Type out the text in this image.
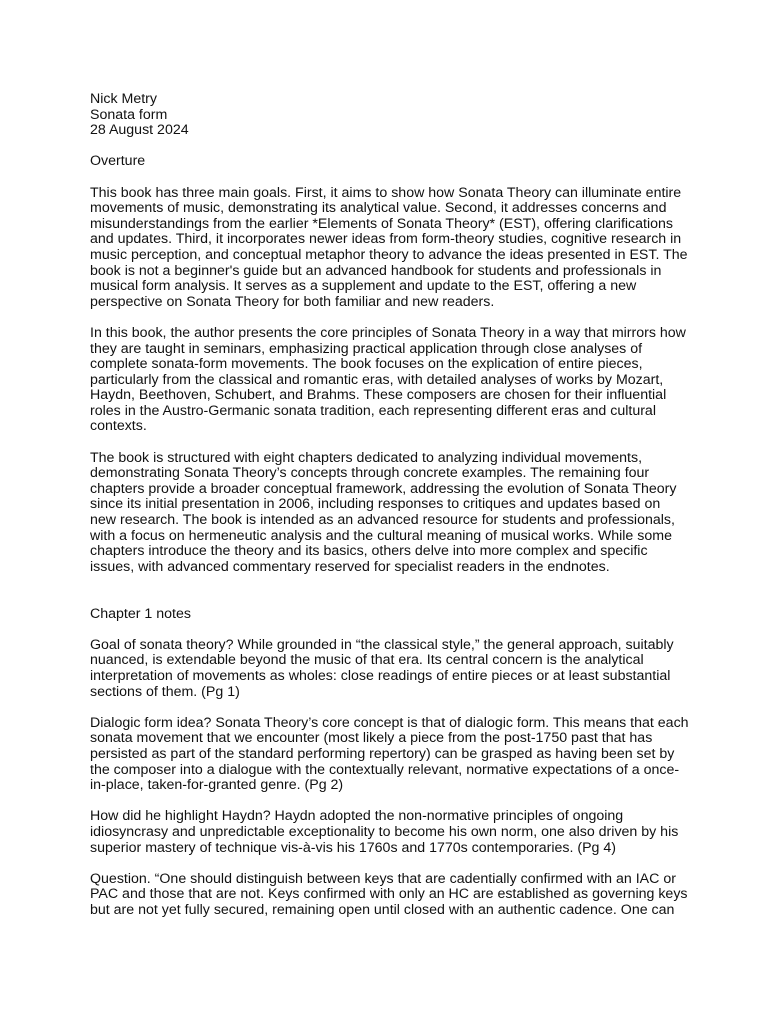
Nick Metry
Sonata form
28 August 2024

Overture

This book has three main goals. First, it aims to show how Sonata Theory can illuminate entire movements of music, demonstrating its analytical value. Second, it addresses concerns and misunderstandings from the earlier *Elements of Sonata Theory* (EST), offering clarifications and updates. Third, it incorporates newer ideas from form-theory studies, cognitive research in music perception, and conceptual metaphor theory to advance the ideas presented in EST. The book is not a beginner's guide but an advanced handbook for students and professionals in musical form analysis. It serves as a supplement and update to the EST, offering a new perspective on Sonata Theory for both familiar and new readers.

In this book, the author presents the core principles of Sonata Theory in a way that mirrors how they are taught in seminars, emphasizing practical application through close analyses of complete sonata-form movements. The book focuses on the explication of entire pieces, particularly from the classical and romantic eras, with detailed analyses of works by Mozart, Haydn, Beethoven, Schubert, and Brahms. These composers are chosen for their influential roles in the Austro-Germanic sonata tradition, each representing different eras and cultural contexts.

The book is structured with eight chapters dedicated to analyzing individual movements, demonstrating Sonata Theory’s concepts through concrete examples. The remaining four chapters provide a broader conceptual framework, addressing the evolution of Sonata Theory since its initial presentation in 2006, including responses to critiques and updates based on new research. The book is intended as an advanced resource for students and professionals, with a focus on hermeneutic analysis and the cultural meaning of musical works. While some chapters introduce the theory and its basics, others delve into more complex and specific issues, with advanced commentary reserved for specialist readers in the endnotes.

Chapter 1 notes

Goal of sonata theory? While grounded in “the classical style,” the general approach, suitably nuanced, is extendable beyond the music of that era. Its central concern is the analytical interpretation of movements as wholes: close readings of entire pieces or at least substantial sections of them. (Pg 1)

Dialogic form idea? Sonata Theory’s core concept is that of dialogic form. This means that each sonata movement that we encounter (most likely a piece from the post-1750 past that has persisted as part of the standard performing repertory) can be grasped as having been set by the composer into a dialogue with the contextually relevant, normative expectations of a once-in-place, taken-for-granted genre. (Pg 2)

How did he highlight Haydn? Haydn adopted the non-normative principles of ongoing idiosyncrasy and unpredictable exceptionality to become his own norm, one also driven by his superior mastery of technique vis-à-vis his 1760s and 1770s contemporaries. (Pg 4)

Question. “One should distinguish between keys that are cadentially confirmed with an IAC or PAC and those that are not. Keys confirmed with only an HC are established as governing keys but are not yet fully secured, remaining open until closed with an authentic cadence. One can
